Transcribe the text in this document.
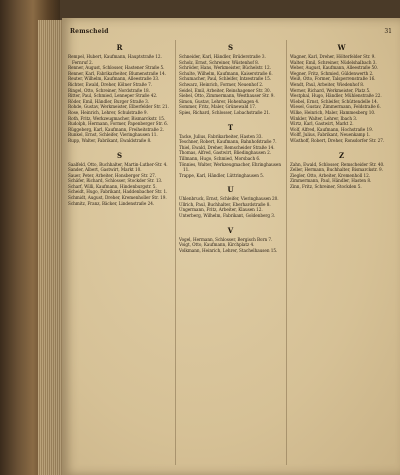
Remscheid	31
R

Rempel, Hubert, Kaufmann, Hauptstraße 12. Fernruf 2.

Renner, August, Schlosser, Hastener Straße 5.

Renner, Karl, Fabrikarbeiter, Blumenstraße 14.

Reuter, Wilhelm, Kaufmann, Alleestraße 33.

Richter, Ewald, Dreher, Kölner Straße 7.

Ringel, Otto, Schreiner, Nordstraße 18.

Ritter, Paul, Schmied, Lenneper Straße 42.

Röder, Emil, Händler, Burger Straße 3.

Rohde, Gustav, Werkmeister, Elberfelder Str. 21.

Rose, Heinrich, Lehrer, Schulstraße 9.

Roth, Fritz, Werkzeugmacher, Bismarckstr. 15.

Rudolph, Hermann, Former, Papenberger Str. 6.

Rüggeberg, Karl, Kaufmann, Freiheitstraße 2.

Runkel, Ernst, Schleifer, Vieringhausen 11.

Rupp, Walter, Fabrikant, Ewaldstraße 8.

S

Saalfeld, Otto, Buchhalter, Martin-Luther-Str. 4.

Sander, Albert, Gastwirt, Markt 10.

Sauer, Peter, Arbeiter, Honsberger Str. 27.

Schäfer, Richard, Schlosser, Stockder Str. 13.

Scharf, Willi, Kaufmann, Hindenburgstr. 5.

Scheidt, Hugo, Fabrikant, Haddenbacher Str. 1.

Schmidt, August, Dreher, Kremenholler Str. 19.

Schmitz, Franz, Bäcker, Lindenstraße 24.

S

Schneider, Karl, Händler, Brüderstraße 3.

Scholz, Ernst, Schreiner, Wüstenhof 8.

Schröder, Hans, Werkmeister, Büchelstr. 12.

Schulte, Wilhelm, Kaufmann, Kaiserstraße 6.

Schumacher, Paul, Schleifer, Intzestraße 15.

Schwarz, Heinrich, Former, Neuenhof 2.

Seidel, Emil, Arbeiter, Reinshagener Str. 30.

Siebel, Otto, Zimmermann, Westhauser Str. 9.

Simon, Gustav, Lehrer, Hohenhagen 4.

Sommer, Fritz, Maler, Grünewald 17.

Spies, Richard, Schlosser, Lobachstraße 21.

T

Tacke, Julius, Fabrikarbeiter, Hasten 33.

Teschner, Robert, Kaufmann, Bahnhofstraße 7.

Thiel, Ewald, Dreher, Remscheider Straße 14.

Thomas, Alfred, Gastwirt, Bliedinghausen 2.

Tillmann, Hugo, Schmied, Morsbach 6.

Tönnies, Walter, Werkzeugmacher, Ehringhausen 11.

Trappe, Karl, Händler, Lüttringhausen 5.

U

Uhlenbruck, Ernst, Schleifer, Vieringhausen 20.

Ullrich, Paul, Buchhalter, Eberhardstraße 8.

Ungermann, Fritz, Arbeiter, Klausen 12.

Unterberg, Wilhelm, Fabrikant, Goldenberg 3.

V

Vogel, Hermann, Schlosser, Bergisch Born 7.

Voigt, Otto, Kaufmann, Kirchplatz 4.

Volkmann, Heinrich, Lehrer, Stachelhausen 15.

W

Wagner, Karl, Dreher, Hölterfelder Str. 9.

Walter, Emil, Schreiner, Nüdelshalbach 3.

Weber, August, Kaufmann, Alleestraße 50.

Wegner, Fritz, Schmied, Güldenwerth 2.

Weiß, Otto, Former, Talsperrenstraße 16.

Wendt, Paul, Arbeiter, Wiedenhof 8.

Werner, Richard, Werkmeister, Platz 5.

Westphal, Hugo, Händler, Mühlenstraße 22.

Wiebel, Ernst, Schleifer, Schüttendelle 14.

Wiesel, Gustav, Zimmermann, Feldstraße 6.

Wilke, Heinrich, Maler, Hammesberg 10.

Winkler, Walter, Lehrer, Ibach 3.

Wirtz, Karl, Gastwirt, Markt 2.

Wolf, Alfred, Kaufmann, Hochstraße 19.

Wolff, Julius, Fabrikant, Neuenkamp 1.

Wüsthoff, Robert, Dreher, Ronsdorfer Str. 27.

Z

Zahn, Ewald, Schlosser, Remscheider Str. 40.

Zeller, Hermann, Buchhalter, Bismarckstr. 9.

Ziegler, Otto, Arbeiter, Kremenholl 12.

Zimmermann, Paul, Händler, Hasten 8.

Zinn, Fritz, Schreiner, Stockden 5.
